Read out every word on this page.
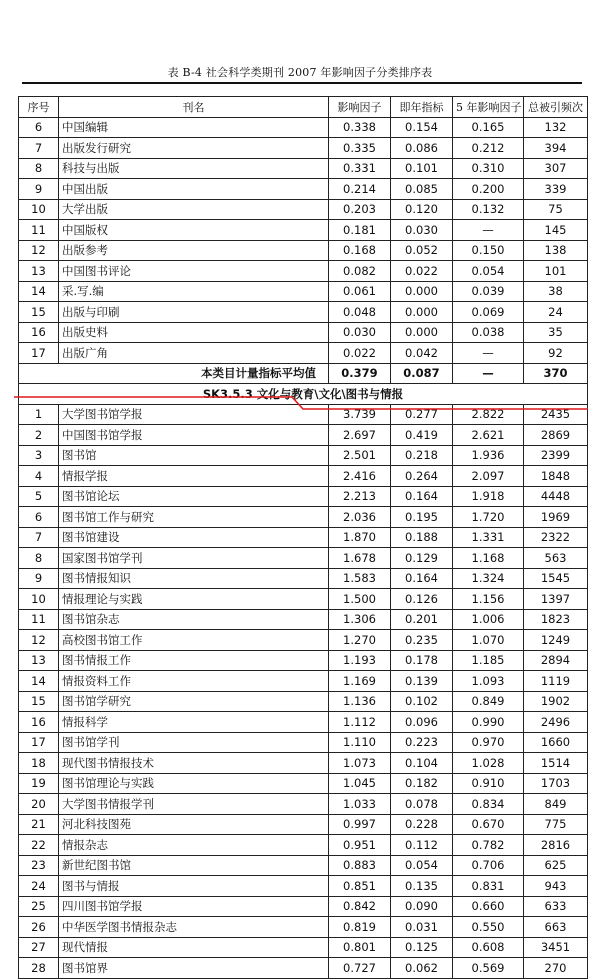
表 B-4 社会科学类期刊 2007 年影响因子分类排序表
序号	刊名	影响因子	即年指标	5 年影响因子	总被引频次
6	中国编辑	0.338	0.154	0.165	132
7	出版发行研究	0.335	0.086	0.212	394
8	科技与出版	0.331	0.101	0.310	307
9	中国出版	0.214	0.085	0.200	339
10	大学出版	0.203	0.120	0.132	75
11	中国版权	0.181	0.030	—	145
12	出版参考	0.168	0.052	0.150	138
13	中国图书评论	0.082	0.022	0.054	101
14	采.写.编	0.061	0.000	0.039	38
15	出版与印刷	0.048	0.000	0.069	24
16	出版史料	0.030	0.000	0.038	35
17	出版广角	0.022	0.042	—	92
本类目计量指标平均值		0.379	0.087	—	370
SK3.5.3 文化与教育\文化\图书与情报					
1	大学图书馆学报	3.739	0.277	2.822	2435
2	中国图书馆学报	2.697	0.419	2.621	2869
3	图书馆	2.501	0.218	1.936	2399
4	情报学报	2.416	0.264	2.097	1848
5	图书馆论坛	2.213	0.164	1.918	4448
6	图书馆工作与研究	2.036	0.195	1.720	1969
7	图书馆建设	1.870	0.188	1.331	2322
8	国家图书馆学刊	1.678	0.129	1.168	563
9	图书情报知识	1.583	0.164	1.324	1545
10	情报理论与实践	1.500	0.126	1.156	1397
11	图书馆杂志	1.306	0.201	1.006	1823
12	高校图书馆工作	1.270	0.235	1.070	1249
13	图书情报工作	1.193	0.178	1.185	2894
14	情报资料工作	1.169	0.139	1.093	1119
15	图书馆学研究	1.136	0.102	0.849	1902
16	情报科学	1.112	0.096	0.990	2496
17	图书馆学刊	1.110	0.223	0.970	1660
18	现代图书情报技术	1.073	0.104	1.028	1514
19	图书馆理论与实践	1.045	0.182	0.910	1703
20	大学图书情报学刊	1.033	0.078	0.834	849
21	河北科技图苑	0.997	0.228	0.670	775
22	情报杂志	0.951	0.112	0.782	2816
23	新世纪图书馆	0.883	0.054	0.706	625
24	图书与情报	0.851	0.135	0.831	943
25	四川图书馆学报	0.842	0.090	0.660	633
26	中华医学图书情报杂志	0.819	0.031	0.550	663
27	现代情报	0.801	0.125	0.608	3451
28	图书馆界	0.727	0.062	0.569	270
